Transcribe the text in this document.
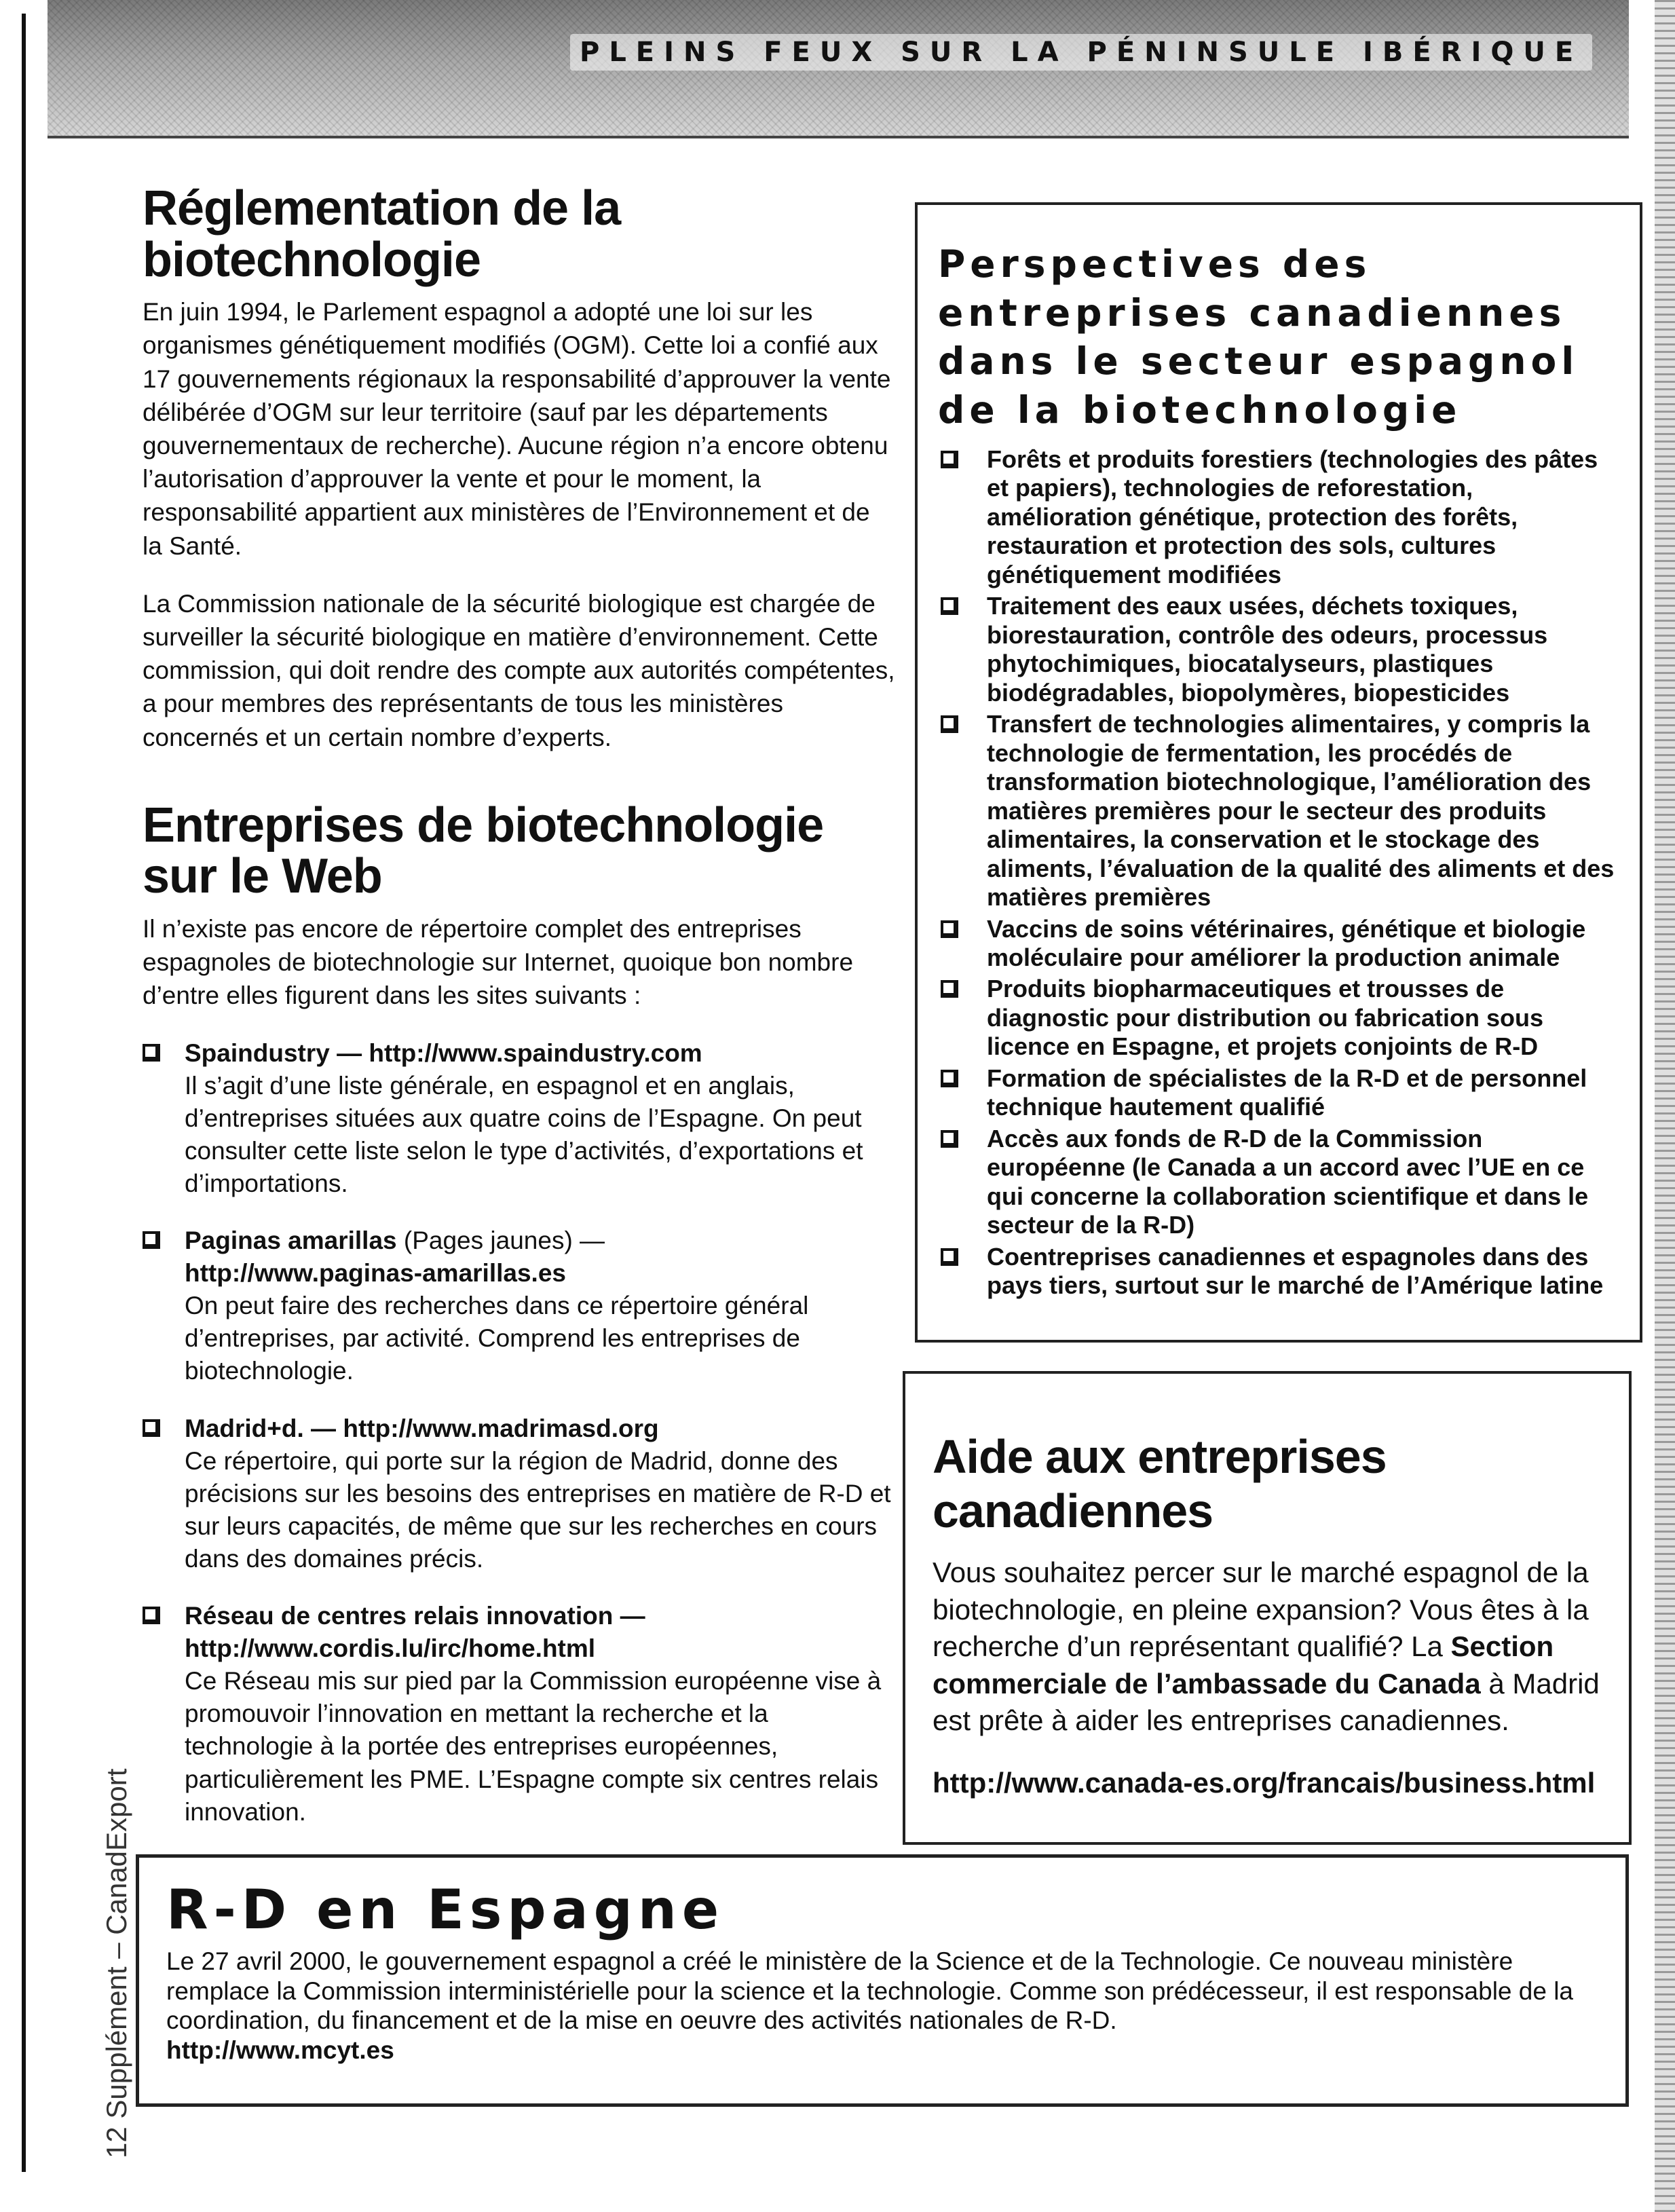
PLEINS FEUX SUR LA PÉNINSULE IBÉRIQUE
12 Supplément – CanadExport
Réglementation de la biotechnologie

En juin 1994, le Parlement espagnol a adopté une loi sur les organismes génétiquement modifiés (OGM). Cette loi a confié aux 17 gouvernements régionaux la responsabilité d’approuver la vente délibérée d’OGM sur leur territoire (sauf par les départements gouvernementaux de recherche). Aucune région n’a encore obtenu l’autorisation d’approuver la vente et pour le moment, la responsabilité appartient aux ministères de l’Environnement et de la Santé.

La Commission nationale de la sécurité biologique est chargée de surveiller la sécurité biologique en matière d’environnement. Cette commission, qui doit rendre des compte aux autorités compétentes, a pour membres des représentants de tous les ministères concernés et un certain nombre d’experts.

Entreprises de biotechnologie sur le Web

Il n’existe pas encore de répertoire complet des entreprises espagnoles de biotechnologie sur Internet, quoique bon nombre d’entre elles figurent dans les sites suivants :

Spaindustry — http://www.spaindustry.com
Il s’agit d’une liste générale, en espagnol et en anglais, d’entreprises situées aux quatre coins de l’Espagne. On peut consulter cette liste selon le type d’activités, d’exportations et d’importations.
Paginas amarillas (Pages jaunes) —
http://www.paginas-amarillas.es
On peut faire des recherches dans ce répertoire général d’entreprises, par activité. Comprend les entreprises de biotechnologie.
Madrid+d. — http://www.madrimasd.org
Ce répertoire, qui porte sur la région de Madrid, donne des précisions sur les besoins des entreprises en matière de R-D et sur leurs capacités, de même que sur les recherches en cours dans des domaines précis.
Réseau de centres relais innovation —
http://www.cordis.lu/irc/home.html
Ce Réseau mis sur pied par la Commission européenne vise à promouvoir l’innovation en mettant la recherche et la technologie à la portée des entreprises européennes, particulièrement les PME. L’Espagne compte six centres relais innovation.
Perspectives des entreprises canadiennes dans le secteur espagnol de la biotechnologie
Forêts et produits forestiers (technologies des pâtes et papiers), technologies de reforestation, amélioration génétique, protection des forêts, restauration et protection des sols, cultures génétiquement modifiées
Traitement des eaux usées, déchets toxiques, biorestauration, contrôle des odeurs, processus phytochimiques, biocatalyseurs, plastiques biodégradables, biopolymères, biopesticides
Transfert de technologies alimentaires, y compris la technologie de fermentation, les procédés de transformation biotechnologique, l’amélioration des matières premières pour le secteur des produits alimentaires, la conservation et le stockage des aliments, l’évaluation de la qualité des aliments et des matières premières
Vaccins de soins vétérinaires, génétique et biologie moléculaire pour améliorer la production animale
Produits biopharmaceutiques et trousses de diagnostic pour distribution ou fabrication sous licence en Espagne, et projets conjoints de R-D
Formation de spécialistes de la R-D et de personnel technique hautement qualifié
Accès aux fonds de R-D de la Commission européenne (le Canada a un accord avec l’UE en ce qui concerne la collaboration scientifique et dans le secteur de la R-D)
Coentreprises canadiennes et espagnoles dans des pays tiers, surtout sur le marché de l’Amérique latine
Aide aux entreprises canadiennes

Vous souhaitez percer sur le marché espagnol de la biotechnologie, en pleine expansion? Vous êtes à la recherche d’un représentant qualifié? La Section commerciale de l’ambassade du Canada à Madrid est prête à aider les entreprises canadiennes.

http://www.canada-es.org/francais/business.html
R-D en Espagne

Le 27 avril 2000, le gouvernement espagnol a créé le ministère de la Science et de la Technologie. Ce nouveau ministère remplace la Commission interministérielle pour la science et la technologie. Comme son prédécesseur, il est responsable de la coordination, du financement et de la mise en oeuvre des activités nationales de R-D.
http://www.mcyt.es
